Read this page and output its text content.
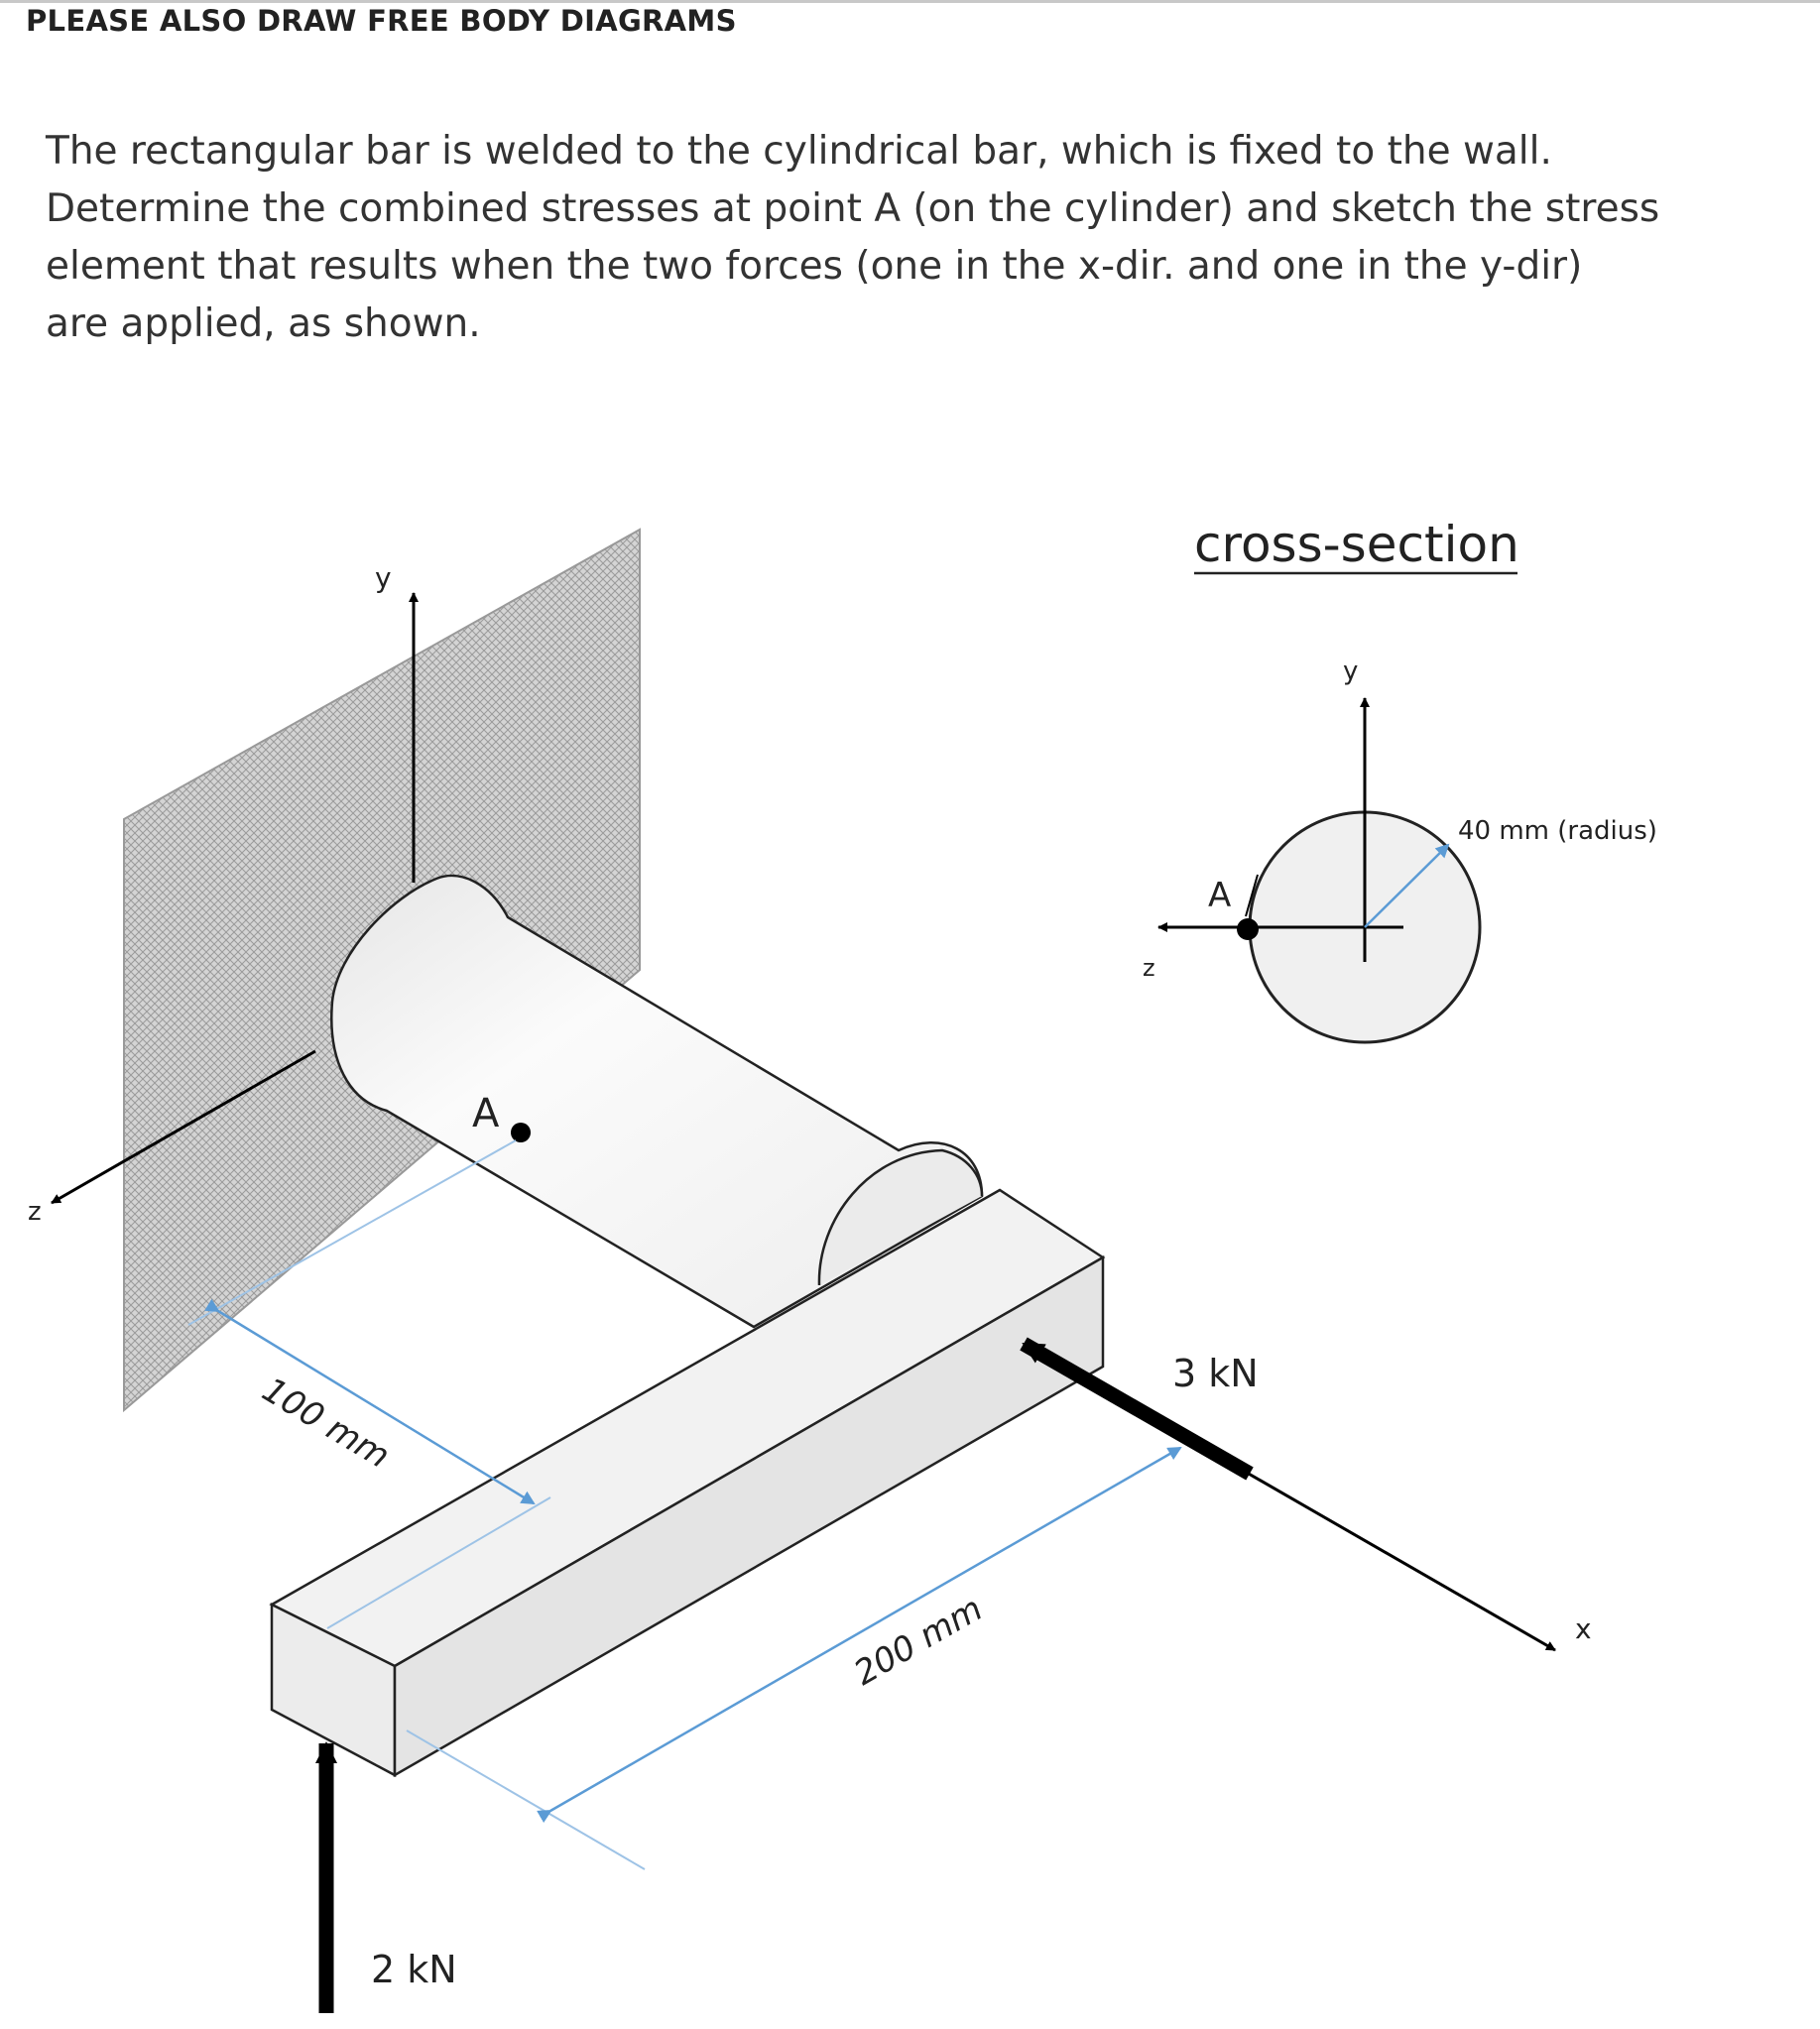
PLEASE ALSO DRAW FREE BODY DIAGRAMS
The rectangular bar is welded to the cylindrical bar, which is fixed to the wall.
Determine the combined stresses at point A (on the cylinder) and sketch the stress
element that results when the two forces (one in the x-dir. and one in the y-dir)
are applied, as shown.
y
z
A
100 mm
200 mm
3 kN
x
2 kN
cross-section
y
z
40 mm (radius)
A
